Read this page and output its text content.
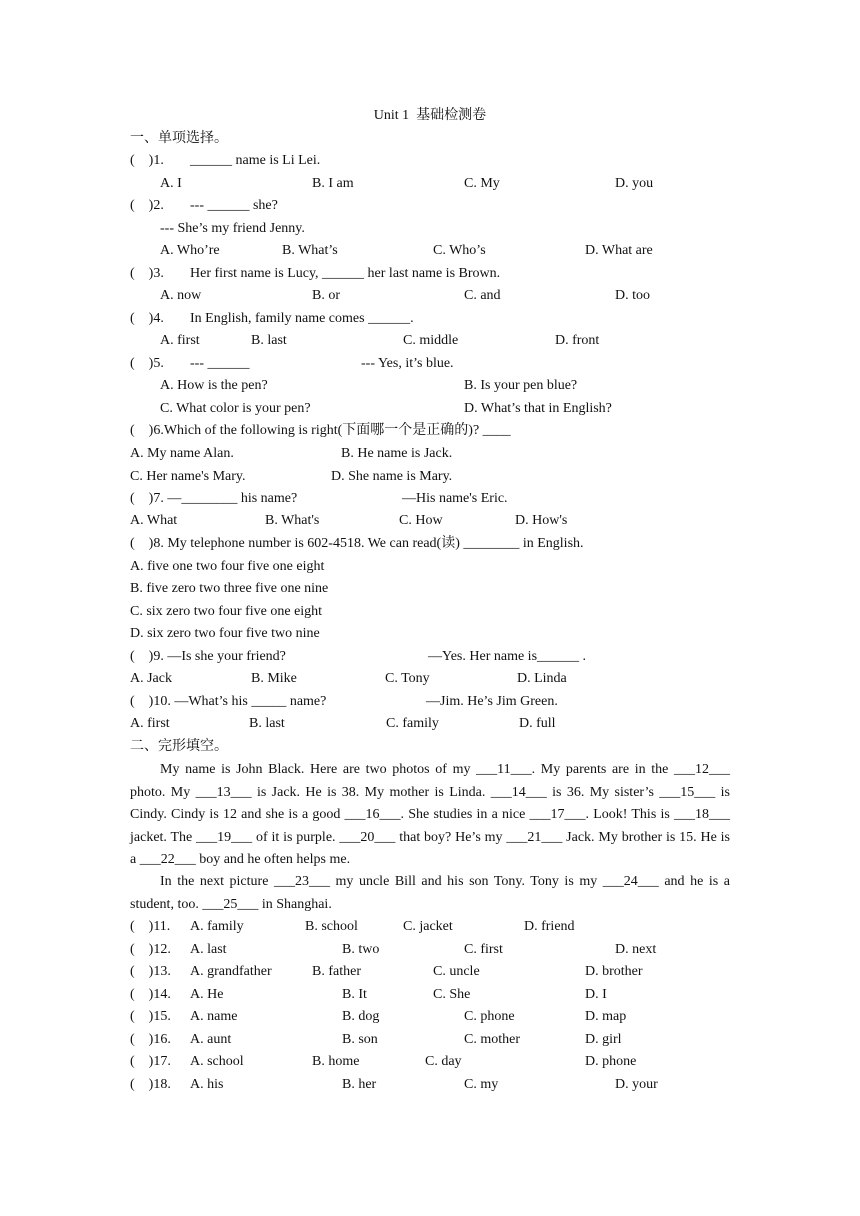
Unit 1  基础检测卷
一、单项选择。
(    )1. ______ name is Li Lei.
A. I	B. I am	C. My	D. you
(    )2. --- ______ she?
--- She’s my friend Jenny.
A. Who’re	B. What’s	C. Who’s	D. What are
(    )3. Her first name is Lucy, ______ her last name is Brown.
A. now	B. or	C. and	D. too
(    )4. In English, family name comes ______.
A. first	B. last	C. middle	D. front
(    )5. --- ______	--- Yes, it’s blue.
A. How is the pen?	B. Is your pen blue?
C. What color is your pen?	D. What’s that in English?
(    )6.Which of the following is right(下面哪一个是正确的)? ____
A. My name Alan.	B. He name is Jack.
C. Her name's Mary.	D. She name is Mary.
(    )7. —________ his name?	—His name's Eric.
A. What	B. What's	C. How	D. How's
(    )8. My telephone number is 602-4518. We can read(读) ________ in English.
A. five one two four five one eight
B. five zero two three five one nine
C. six zero two four five one eight
D. six zero two four five two nine
(    )9. —Is she your friend?	—Yes. Her name is______ .
A. Jack	B. Mike	C. Tony	D. Linda
(    )10. —What’s his _____ name?	—Jim. He’s Jim Green.
A. first	B. last	C. family	D. full
二、完形填空。
My name is John Black. Here are two photos of my ___11___. My parents are in the ___12___ photo. My ___13___ is Jack. He is 38. My mother is Linda. ___14___ is 36. My sister’s ___15___ is Cindy. Cindy is 12 and she is a good ___16___. She studies in a nice ___17___. Look! This is ___18___ jacket. The ___19___ of it is purple. ___20___ that boy? He’s my ___21___ Jack. My brother is 15. He is a ___22___ boy and he often helps me.
In the next picture ___23___ my uncle Bill and his son Tony. Tony is my ___24___ and he is a student, too. ___25___ in Shanghai.
(    )11. A. family	B. school	C. jacket	D. friend
(    )12. A. last	B. two	C. first	D. next
(    )13. A. grandfather	B. father	C. uncle	D. brother
(    )14. A. He	B. It	C. She	D. I
(    )15. A. name	B. dog	C. phone	D. map
(    )16. A. aunt	B. son	C. mother	D. girl
(    )17. A. school	B. home	C. day	D. phone
(    )18. A. his	B. her	C. my	D. your
